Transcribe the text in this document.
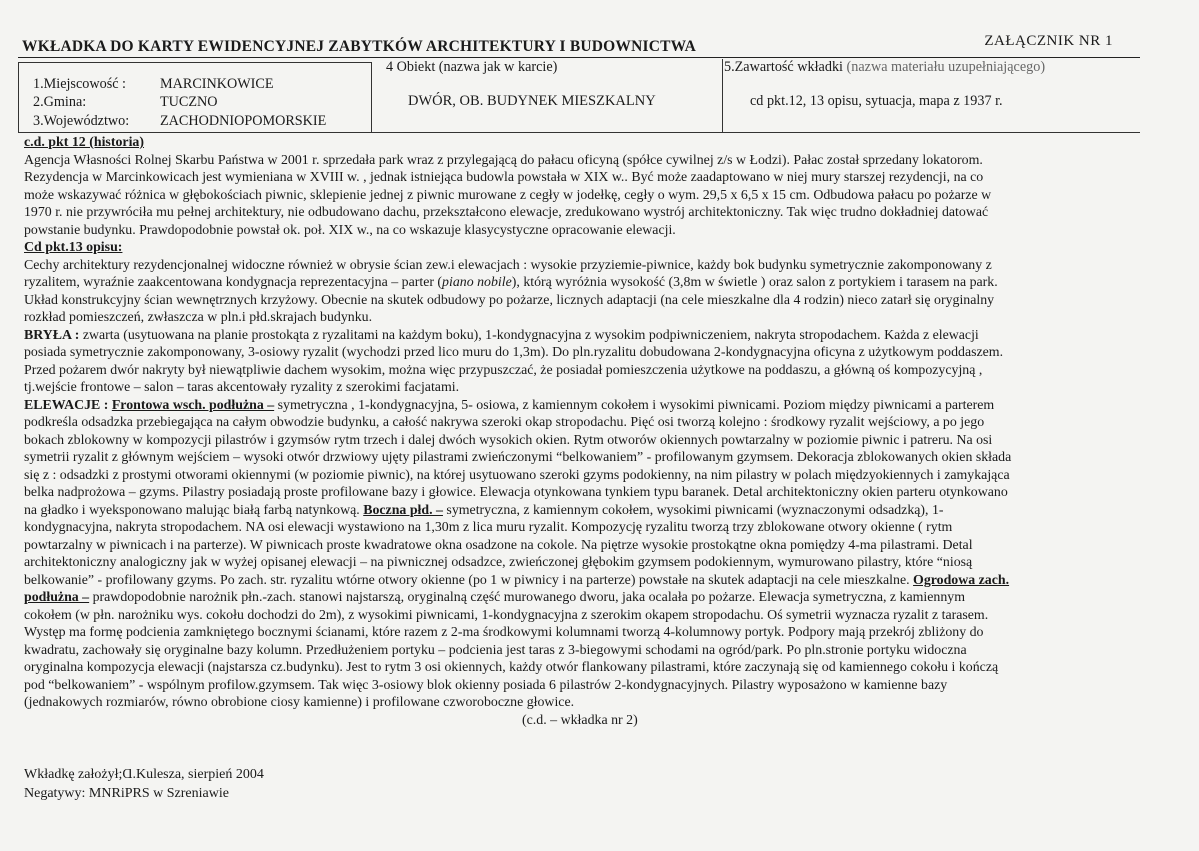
WKŁADKA DO KARTY EWIDENCYJNEJ ZABYTKÓW ARCHITEKTURY I BUDOWNICTWA	ZAŁĄCZNIK NR 1
1.Miejscowość : MARCINKOWICE
2.Gmina:	TUCZNO
3.Województwo: ZACHODNIOPOMORSKIE
4 Obiekt (nazwa jak w karcie)
DWÓR, OB. BUDYNEK MIESZKALNY
5.Zawartość wkładki (nazwa materiału uzupełniającego)
cd pkt.12, 13 opisu, sytuacja, mapa z 1937 r.
c.d. pkt 12 (historia)
Agencja Własności Rolnej Skarbu Państwa w 2001 r. sprzedała park wraz z przylegającą do pałacu oficyną (spółce cywilnej z/s w Łodzi). Pałac został sprzedany lokatorom.
Rezydencja w Marcinkowicach jest wymieniana w XVIII w. , jednak istniejąca budowla powstała w XIX w.. Być może zaadaptowano w niej mury starszej rezydencji, na co
może wskazywać różnica w głębokościach piwnic, sklepienie jednej z piwnic murowane z cegły w jodełkę, cegły o wym. 29,5 x 6,5 x 15 cm. Odbudowa pałacu po pożarze w
1970 r. nie przywróciła mu pełnej architektury, nie odbudowano dachu, przekształcono elewacje, zredukowano wystrój architektoniczny. Tak więc trudno dokładniej datować
powstanie budynku. Prawdopodobnie powstał ok. poł. XIX w., na co wskazuje klasycystyczne opracowanie elewacji.
Cd pkt.13 opisu:
Cechy architektury rezydencjonalnej widoczne również w obrysie ścian zew.i elewacjach : wysokie przyziemie-piwnice, każdy bok budynku symetrycznie zakomponowany z
ryzalitem, wyraźnie zaakcentowana kondygnacja reprezentacyjna – parter (piano nobile), którą wyróżnia wysokość (3,8m w świetle ) oraz salon z portykiem i tarasem na park.
Układ konstrukcyjny ścian wewnętrznych krzyżowy. Obecnie na skutek odbudowy po pożarze, licznych adaptacji (na cele mieszkalne dla 4 rodzin) nieco zatarł się oryginalny
rozkład pomieszczeń, zwłaszcza w pln.i płd.skrajach budynku.
BRYŁA : zwarta (usytuowana na planie prostokąta z ryzalitami na każdym boku), 1-kondygnacyjna z wysokim podpiwniczeniem, nakryta stropodachem. Każda z elewacji
posiada symetrycznie zakomponowany, 3-osiowy ryzalit (wychodzi przed lico muru do 1,3m). Do pln.ryzalitu dobudowana 2-kondygnacyjna oficyna z użytkowym poddaszem.
Przed pożarem dwór nakryty był niewątpliwie dachem wysokim, można więc przypuszczać, że posiadał pomieszczenia użytkowe na poddaszu, a główną oś kompozycyjną ,
tj.wejście frontowe – salon – taras akcentowały ryzality z szerokimi facjatami.
ELEWACJE : Frontowa wsch. podłużna – symetryczna , 1-kondygnacyjna, 5- osiowa, z kamiennym cokołem i wysokimi piwnicami. Poziom między piwnicami a parterem
podkreśla odsadzka przebiegająca na całym obwodzie budynku, a całość nakrywa szeroki okap stropodachu. Pięć osi tworzą kolejno : środkowy ryzalit wejściowy, a po jego
bokach zblokowny w kompozycji pilastrów i gzymsów rytm trzech i dalej dwóch wysokich okien. Rytm otworów okiennych powtarzalny w poziomie piwnic i patreru. Na osi
symetrii ryzalit z głównym wejściem – wysoki otwór drzwiowy ujęty pilastrami zwieńczonymi “belkowaniem” - profilowanym gzymsem. Dekoracja zblokowanych okien składa
się z : odsadzki z prostymi otworami okiennymi (w poziomie piwnic), na której usytuowano szeroki gzyms podokienny, na nim pilastry w polach międzyokiennych i zamykająca
belka nadprożowa – gzyms. Pilastry posiadają proste profilowane bazy i głowice. Elewacja otynkowana tynkiem typu baranek. Detal architektoniczny okien parteru otynkowano
na gładko i wyeksponowano malując białą farbą natynkową. Boczna płd. – symetryczna, z kamiennym cokołem, wysokimi piwnicami (wyznaczonymi odsadzką), 1-
kondygnacyjna, nakryta stropodachem. NA osi elewacji wystawiono na 1,30m z lica muru ryzalit. Kompozycję ryzalitu tworzą trzy zblokowane otwory okienne ( rytm
powtarzalny w piwnicach i na parterze). W piwnicach proste kwadratowe okna osadzone na cokole. Na piętrze wysokie prostokątne okna pomiędzy 4-ma pilastrami. Detal
architektoniczny analogiczny jak w wyżej opisanej elewacji – na piwnicznej odsadzce, zwieńczonej głębokim gzymsem podokiennym, wymurowano pilastry, które “niosą
belkowanie” - profilowany gzyms. Po zach. str. ryzalitu wtórne otwory okienne (po 1 w piwnicy i na parterze) powstałe na skutek adaptacji na cele mieszkalne. Ogrodowa zach.
podłużna – prawdopodobnie narożnik płn.-zach. stanowi najstarszą, oryginalną część murowanego dworu, jaka ocalała po pożarze. Elewacja symetryczna, z kamiennym
cokołem (w płn. narożniku wys. cokołu dochodzi do 2m), z wysokimi piwnicami, 1-kondygnacyjna z szerokim okapem stropodachu. Oś symetrii wyznacza ryzalit z tarasem.
Występ ma formę podcienia zamkniętego bocznymi ścianami, które razem z 2-ma środkowymi kolumnami tworzą 4-kolumnowy portyk. Podpory mają przekrój zbliżony do
kwadratu, zachowały się oryginalne bazy kolumn. Przedłużeniem portyku – podcienia jest taras z 3-biegowymi schodami na ogród/park. Po pln.stronie portyku widoczna
oryginalna kompozycja elewacji (najstarsza cz.budynku). Jest to rytm 3 osi okiennych, każdy otwór flankowany pilastrami, które zaczynają się od kamiennego cokołu i kończą
pod “belkowaniem” - wspólnym profilow.gzymsem. Tak więc 3-osiowy blok okienny posiada 6 pilastrów 2-kondygnacyjnych. Pilastry wyposażono w kamienne bazy
(jednakowych rozmiarów, równo obrobione ciosy kamienne) i profilowane czworoboczne głowice.
(c.d. – wkładka nr 2)
Wkładkę założył;Ɑ.Kulesza, sierpień 2004
Negatywy: MNRiPRS w Szreniawie
